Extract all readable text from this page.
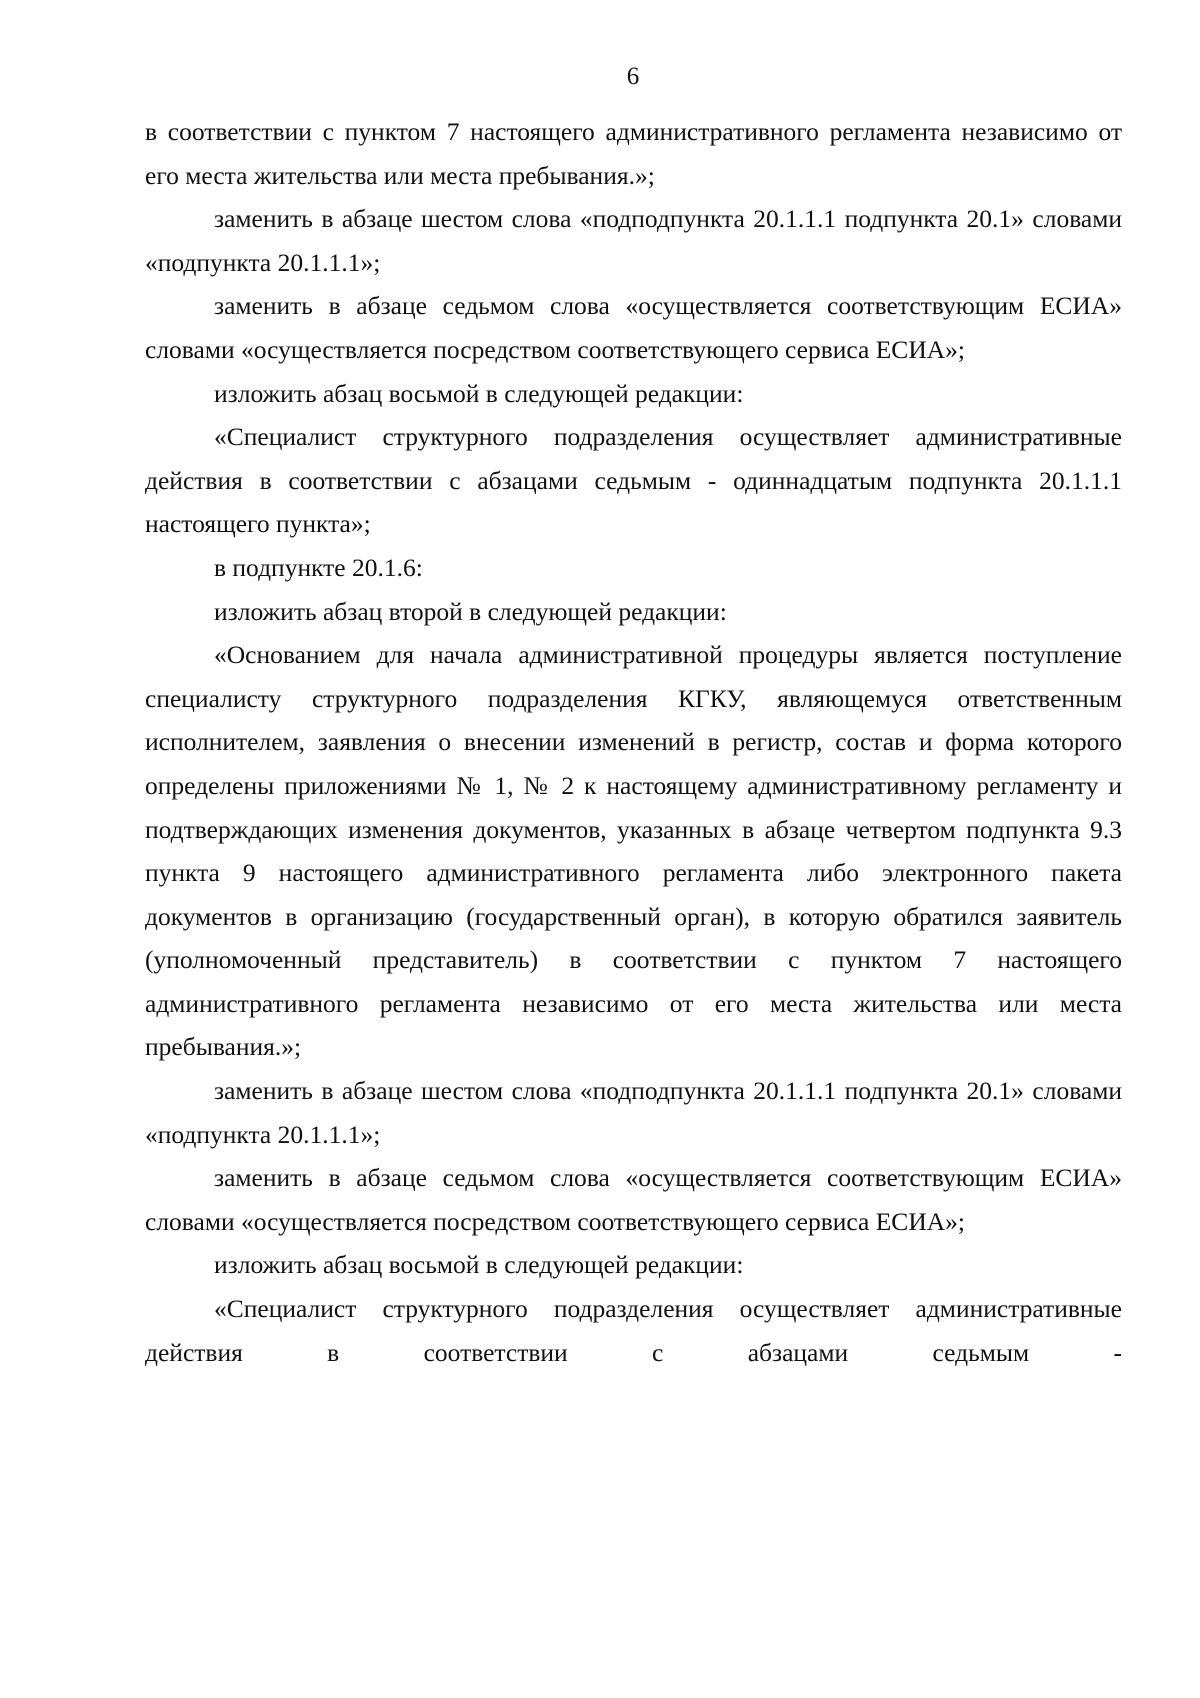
6

в соответствии с пунктом 7 настоящего административного регламента независимо от его места жительства или места пребывания.»;

заменить в абзаце шестом слова «подподпункта 20.1.1.1 подпункта 20.1» словами «подпункта 20.1.1.1»;

заменить в абзаце седьмом слова «осуществляется соответствующим ЕСИА» словами «осуществляется посредством соответствующего сервиса ЕСИА»;

изложить абзац восьмой в следующей редакции:

«Специалист структурного подразделения осуществляет административные действия в соответствии с абзацами седьмым - одиннадцатым подпункта 20.1.1.1 настоящего пункта»;

в подпункте 20.1.6:

изложить абзац второй в следующей редакции:

«Основанием для начала административной процедуры является поступление специалисту структурного подразделения КГКУ, являющемуся ответственным исполнителем, заявления о внесении изменений в регистр, состав и форма которого определены приложениями № 1, № 2 к настоящему административному регламенту и подтверждающих изменения документов, указанных в абзаце четвертом подпункта 9.3 пункта 9 настоящего административного регламента либо электронного пакета документов в организацию (государственный орган), в которую обратился заявитель (уполномоченный представитель) в соответствии с пунктом 7 настоящего административного регламента независимо от его места жительства или места пребывания.»;

заменить в абзаце шестом слова «подподпункта 20.1.1.1 подпункта 20.1» словами «подпункта 20.1.1.1»;

заменить в абзаце седьмом слова «осуществляется соответствующим ЕСИА» словами «осуществляется посредством соответствующего сервиса ЕСИА»;

изложить абзац восьмой в следующей редакции:

«Специалист структурного подразделения осуществляет административные действия в соответствии с абзацами седьмым -
